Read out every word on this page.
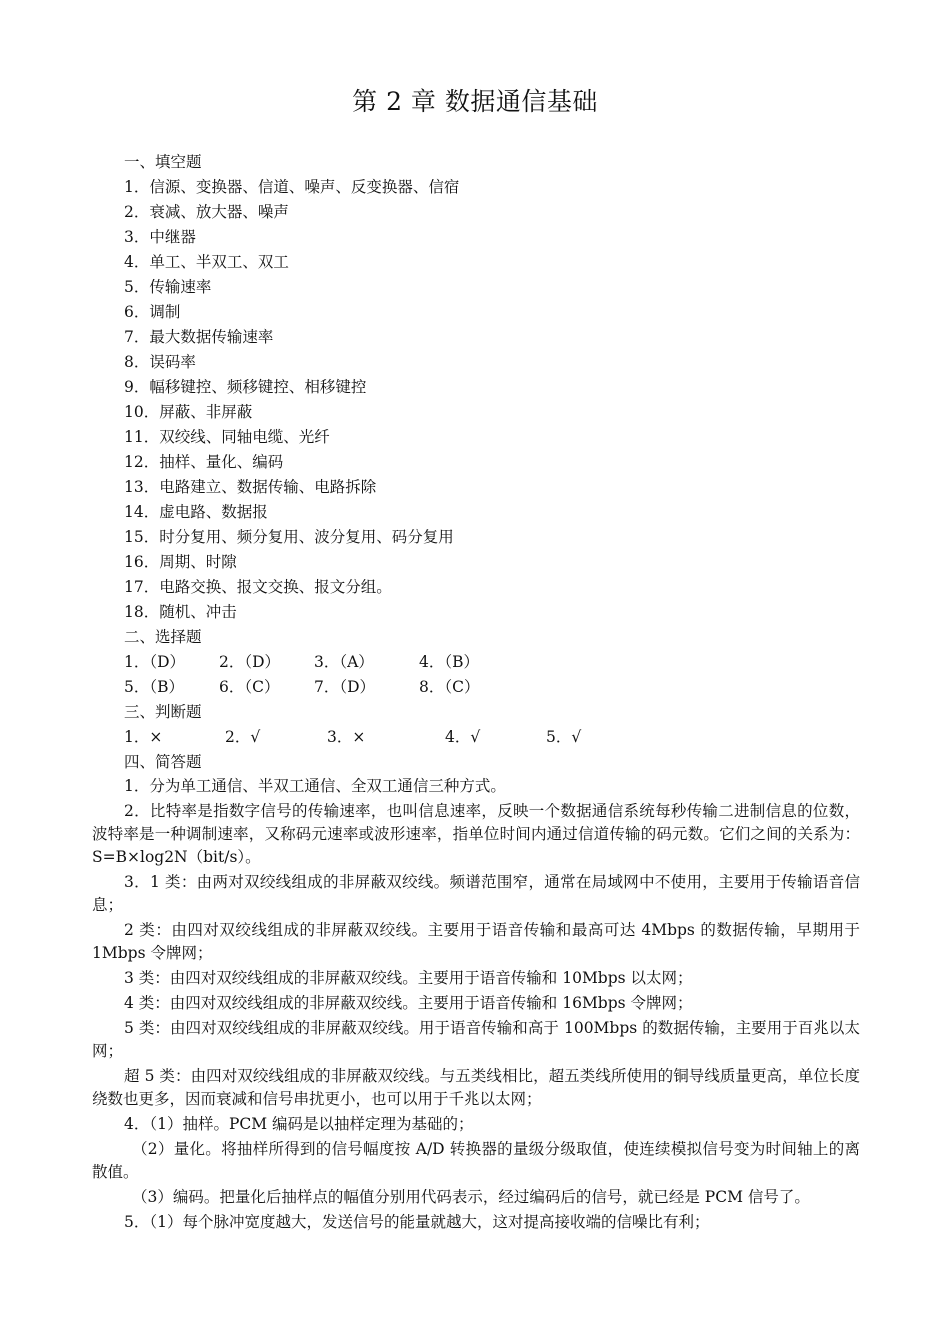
第 2 章 数据通信基础
一、填空题
1．信源、变换器、信道、噪声、反变换器、信宿
2．衰减、放大器、噪声
3．中继器
4．单工、半双工、双工
5．传输速率
6．调制
7．最大数据传输速率
8．误码率
9．幅移键控、频移键控、相移键控
10．屏蔽、非屏蔽
11．双绞线、同轴电缆、光纤
12．抽样、量化、编码
13．电路建立、数据传输、电路拆除
14．虚电路、数据报
15．时分复用、频分复用、波分复用、码分复用
16．周期、时隙
17．电路交换、报文交换、报文分组。
18．随机、冲击
二、选择题
1．（D） 2．（D） 3．（A）	4．（B）
5．（B） 6．（C） 7．（D）	8．（C）
三、判断题
1．×	2．√	3．×	4．√	5．√
四、简答题
1．分为单工通信、半双工通信、全双工通信三种方式。
2．比特率是指数字信号的传输速率，也叫信息速率，反映一个数据通信系统每秒传输二进制信息的位数，波特率是一种调制速率，又称码元速率或波形速率，指单位时间内通过信道传输的码元数。它们之间的关系为：S=B×log2N（bit/s）。
3．1 类：由两对双绞线组成的非屏蔽双绞线。频谱范围窄，通常在局域网中不使用，主要用于传输语音信息；
2 类：由四对双绞线组成的非屏蔽双绞线。主要用于语音传输和最高可达 4Mbps 的数据传输，早期用于 1Mbps 令牌网；
3 类：由四对双绞线组成的非屏蔽双绞线。主要用于语音传输和 10Mbps 以太网；
4 类：由四对双绞线组成的非屏蔽双绞线。主要用于语音传输和 16Mbps 令牌网；
5 类：由四对双绞线组成的非屏蔽双绞线。用于语音传输和高于 100Mbps 的数据传输，主要用于百兆以太网；
超 5 类：由四对双绞线组成的非屏蔽双绞线。与五类线相比，超五类线所使用的铜导线质量更高，单位长度绕数也更多，因而衰减和信号串扰更小，也可以用于千兆以太网；
4．（1）抽样。PCM 编码是以抽样定理为基础的；
（2）量化。将抽样所得到的信号幅度按 A/D 转换器的量级分级取值，使连续模拟信号变为时间轴上的离散值。
（3）编码。把量化后抽样点的幅值分别用代码表示，经过编码后的信号，就已经是 PCM 信号了。
5．（1）每个脉冲宽度越大，发送信号的能量就越大，这对提高接收端的信噪比有利；
